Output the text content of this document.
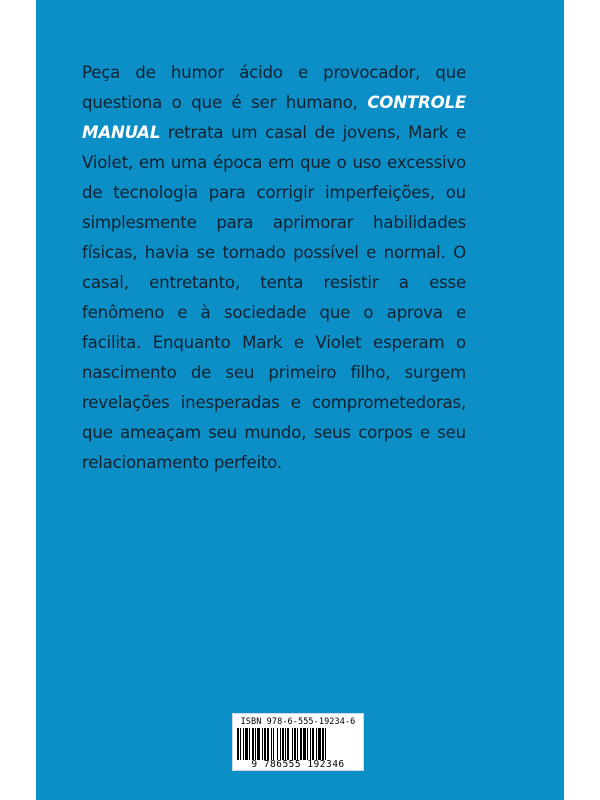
Peça de humor ácido e provocador, que questiona o que é ser humano, CONTROLE MANUAL retrata um casal de jovens, Mark e Violet, em uma época em que o uso excessivo de tecnologia para corrigir imperfeições, ou simplesmente para aprimorar habilidades físicas, havia se tornado possível e normal. O casal, entretanto, tenta resistir a esse fenômeno e à sociedade que o aprova e facilita. Enquanto Mark e Violet esperam o nascimento de seu primeiro filho, surgem revelações inesperadas e comprometedoras, que ameaçam seu mundo, seus corpos e seu relacionamento perfeito.

ISBN 978-6-555-19234-6
9 786555 192346
